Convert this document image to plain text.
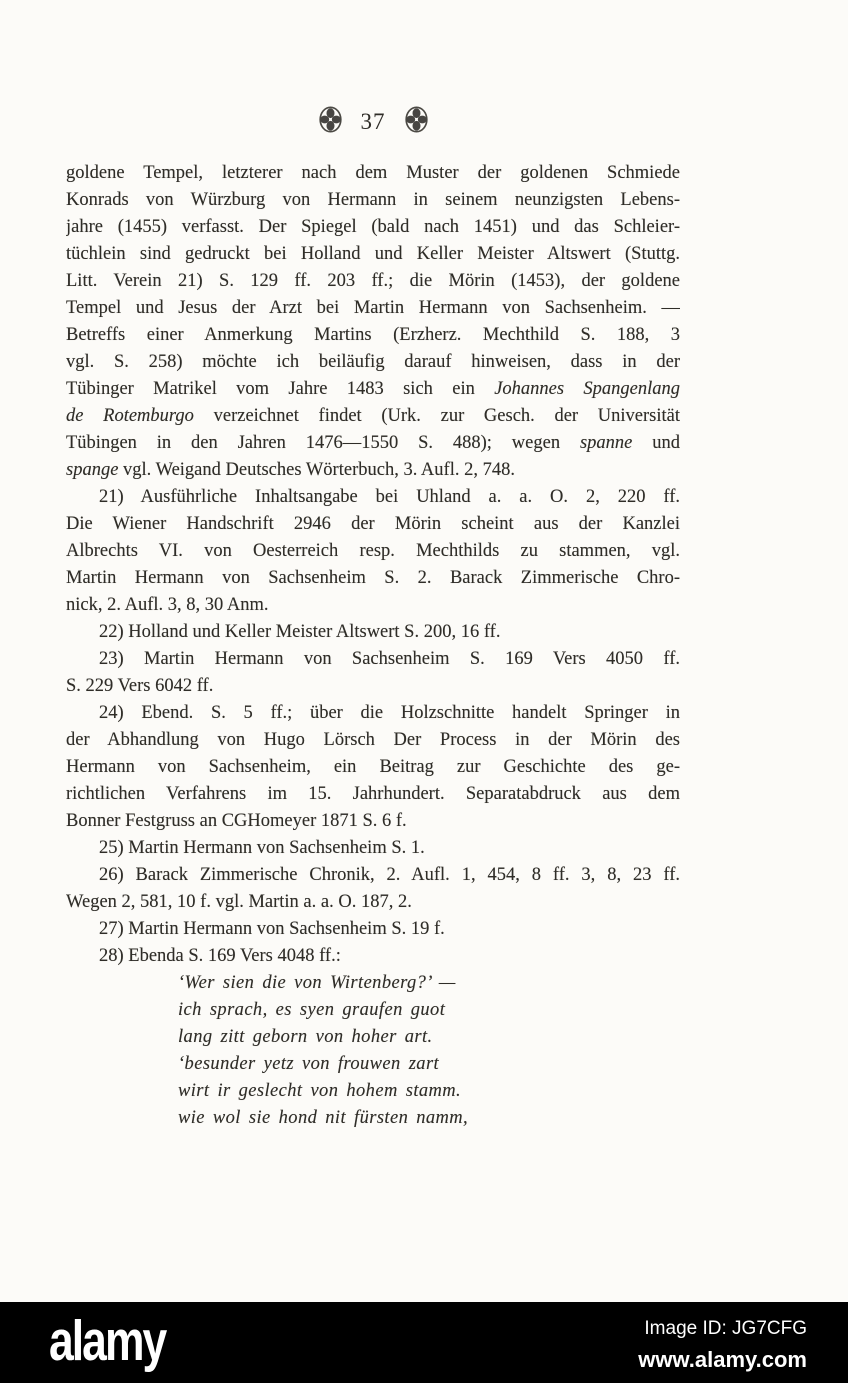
37
goldene Tempel, letzterer nach dem Muster der goldenen Schmiede
Konrads von Würzburg von Hermann in seinem neunzigsten Lebens-
jahre (1455) verfasst. Der Spiegel (bald nach 1451) und das Schleier-
tüchlein sind gedruckt bei Holland und Keller Meister Altswert (Stuttg.
Litt. Verein 21) S. 129 ff. 203 ff.; die Mörin (1453), der goldene
Tempel und Jesus der Arzt bei Martin Hermann von Sachsenheim. —
Betreffs einer Anmerkung Martins (Erzherz. Mechthild S. 188, 3
vgl. S. 258) möchte ich beiläufig darauf hinweisen, dass in der
Tübinger Matrikel vom Jahre 1483 sich ein Johannes Spangenlang
de Rotemburgo verzeichnet findet (Urk. zur Gesch. der Universität
Tübingen in den Jahren 1476—1550 S. 488); wegen spanne und
spange vgl. Weigand Deutsches Wörterbuch, 3. Aufl. 2, 748.
21) Ausführliche Inhaltsangabe bei Uhland a. a. O. 2, 220 ff.
Die Wiener Handschrift 2946 der Mörin scheint aus der Kanzlei
Albrechts VI. von Oesterreich resp. Mechthilds zu stammen, vgl.
Martin Hermann von Sachsenheim S. 2. Barack Zimmerische Chro-
nick, 2. Aufl. 3, 8, 30 Anm.
22) Holland und Keller Meister Altswert S. 200, 16 ff.
23) Martin Hermann von Sachsenheim S. 169 Vers 4050 ff.
S. 229 Vers 6042 ff.
24) Ebend. S. 5 ff.; über die Holzschnitte handelt Springer in
der Abhandlung von Hugo Lörsch Der Process in der Mörin des
Hermann von Sachsenheim, ein Beitrag zur Geschichte des ge-
richtlichen Verfahrens im 15. Jahrhundert. Separatabdruck aus dem
Bonner Festgruss an CGHomeyer 1871 S. 6 f.
25) Martin Hermann von Sachsenheim S. 1.
26) Barack Zimmerische Chronik, 2. Aufl. 1, 454, 8 ff. 3, 8, 23 ff.
Wegen 2, 581, 10 f. vgl. Martin a. a. O. 187, 2.
27) Martin Hermann von Sachsenheim S. 19 f.
28) Ebenda S. 169 Vers 4048 ff.:
‘Wer sien die von Wirtenberg?’ —
ich sprach, es syen graufen guot
lang zitt geborn von hoher art.
‘besunder yetz von frouwen zart
wirt ir geslecht von hohem stamm.
wie wol sie hond nit fürsten namm,
alamy	Image ID: JG7CFG
www.alamy.com
